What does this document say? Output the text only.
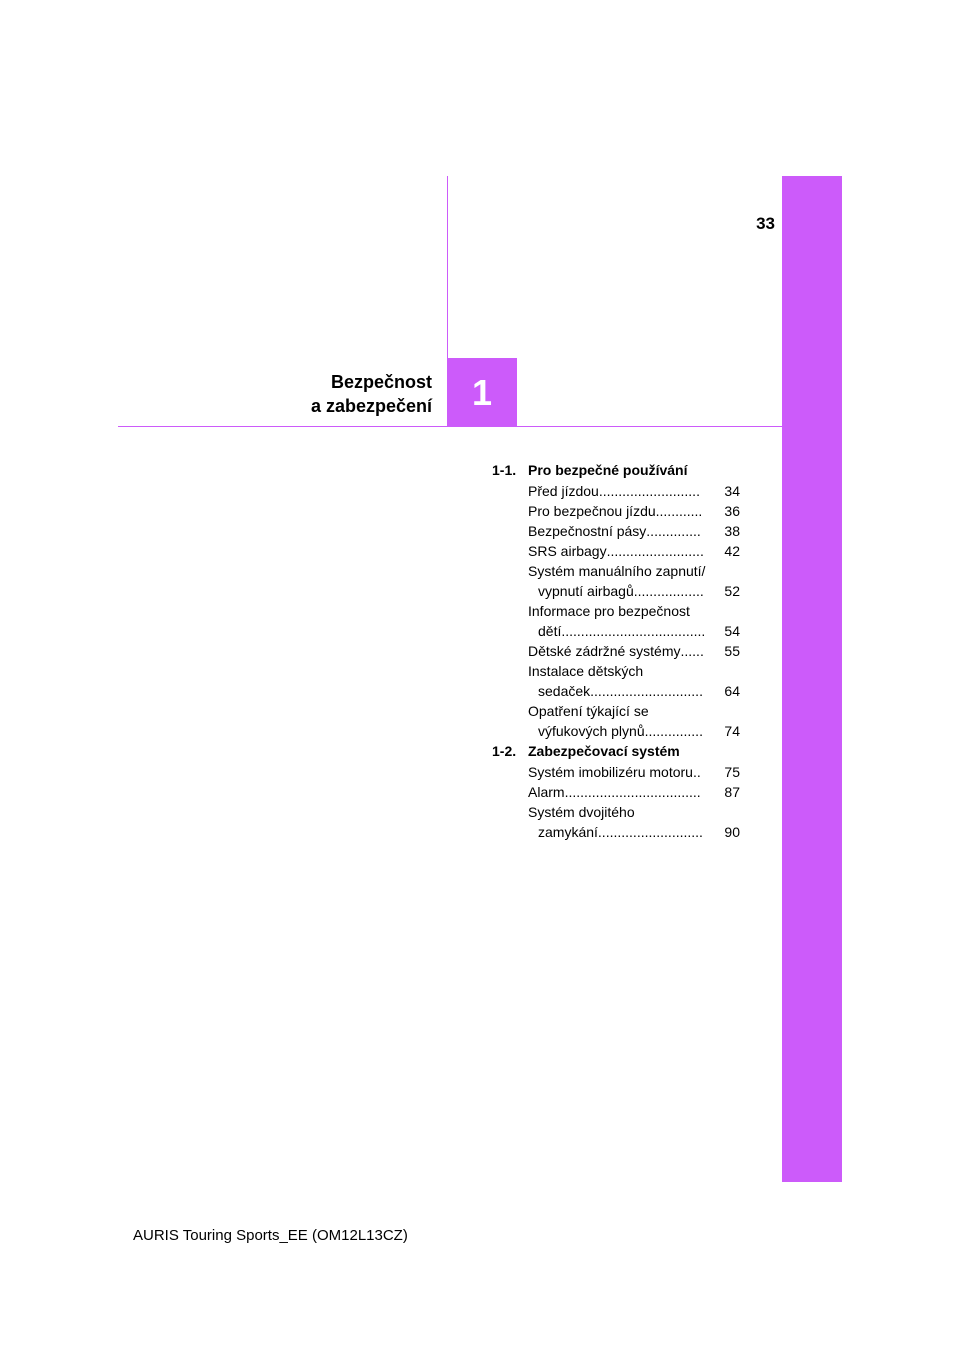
33
1
Bezpečnost
a zabezpečení
1-1. Pro bezpečné používání
Před jízdou ..........................	34
Pro bezpečnou jízdu ............	36
Bezpečnostní pásy ..............	38
SRS airbagy .........................	42
Systém manuálního zapnutí/
vypnutí airbagů ..................	52
Informace pro bezpečnost
dětí .....................................	54
Dětské zádržné systémy ......	55
Instalace dětských
sedaček .............................	64
Opatření týkající se
výfukových plynů ...............	74
1-2. Zabezpečovací systém
Systém imobilizéru motoru ..	75
Alarm ...................................	87
Systém dvojitého
zamykání ...........................	90
AURIS Touring Sports_EE (OM12L13CZ)
